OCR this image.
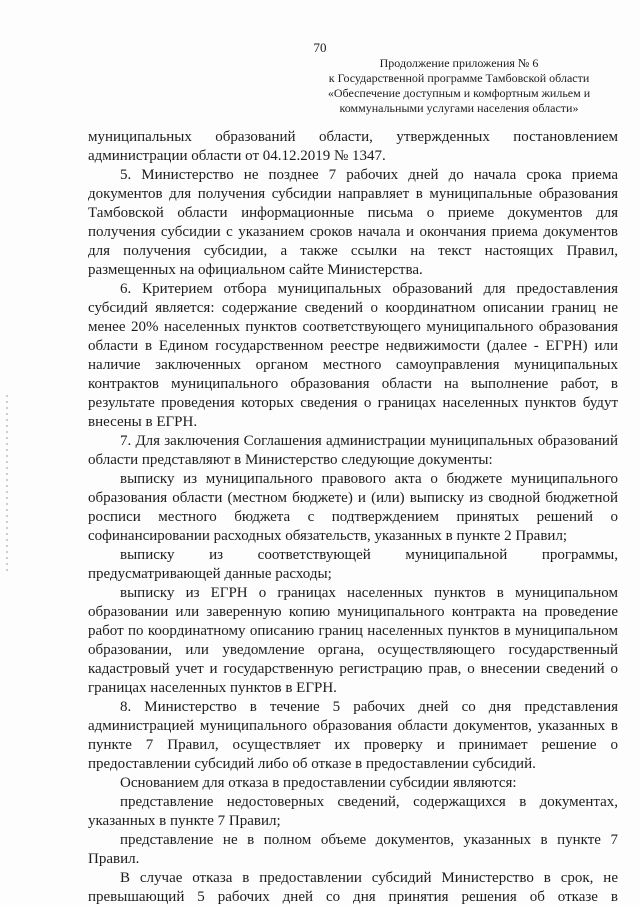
70
Продолжение приложения № 6
к Государственной программе Тамбовской области
«Обеспечение доступным и комфортным жильем и
коммунальными услугами населения области»

муниципальных образований области, утвержденных постановлением администрации области от 04.12.2019 № 1347.

5. Министерство не позднее 7 рабочих дней до начала срока приема документов для получения субсидии направляет в муниципальные образования Тамбовской области информационные письма о приеме документов для получения субсидии с указанием сроков начала и окончания приема документов для получения субсидии, а также ссылки на текст настоящих Правил, размещенных на официальном сайте Министерства.

6. Критерием отбора муниципальных образований для предоставления субсидий является: содержание сведений о координатном описании границ не менее 20% населенных пунктов соответствующего муниципального образования области в Едином государственном реестре недвижимости (далее - ЕГРН) или наличие заключенных органом местного самоуправления муниципальных контрактов муниципального образования области на выполнение работ, в результате проведения которых сведения о границах населенных пунктов будут внесены в ЕГРН.

7. Для заключения Соглашения администрации муниципальных образований области представляют в Министерство следующие документы:

выписку из муниципального правового акта о бюджете муниципального образования области (местном бюджете) и (или) выписку из сводной бюджетной росписи местного бюджета с подтверждением принятых решений о софинансировании расходных обязательств, указанных в пункте 2 Правил;

выписку из соответствующей муниципальной программы, предусматривающей данные расходы;

выписку из ЕГРН о границах населенных пунктов в муниципальном образовании или заверенную копию муниципального контракта на проведение работ по координатному описанию границ населенных пунктов в муниципальном образовании, или уведомление органа, осуществляющего государственный кадастровый учет и государственную регистрацию прав, о внесении сведений о границах населенных пунктов в ЕГРН.

8. Министерство в течение 5 рабочих дней со дня представления администрацией муниципального образования области документов, указанных в пункте 7 Правил, осуществляет их проверку и принимает решение о предоставлении субсидий либо об отказе в предоставлении субсидий.

Основанием для отказа в предоставлении субсидии являются:

представление недостоверных сведений, содержащихся в документах, указанных в пункте 7 Правил;

представление не в полном объеме документов, указанных в пункте 7 Правил.

В случае отказа в предоставлении субсидий Министерство в срок, не превышающий 5 рабочих дней со дня принятия решения об отказе в
